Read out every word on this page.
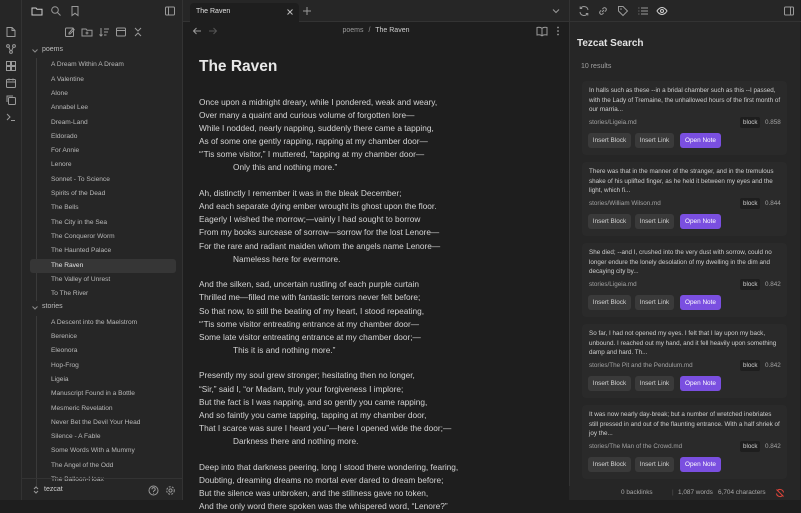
poems
A Dream Within A Dream
A Valentine
Alone
Annabel Lee
Dream-Land
Eldorado
For Annie
Lenore
Sonnet - To Science
Spirits of the Dead
The Bells
The City in the Sea
The Conqueror Worm
The Haunted Palace
The Raven
The Valley of Unrest
To The River
stories
A Descent into the Maelstrom
Berenice
Eleonora
Hop-Frog
Ligeia
Manuscript Found in a Bottle
Mesmeric Revelation
Never Bet the Devil Your Head
Silence - A Fable
Some Words With a Mummy
The Angel of the Odd
The Balloon-Hoax
tezcat
The Raven
poems / The Raven
The Raven
Once upon a midnight dreary, while I pondered, weak and weary,
Over many a quaint and curious volume of forgotten lore—
While I nodded, nearly napping, suddenly there came a tapping,
As of some one gently rapping, rapping at my chamber door—
“’Tis some visitor,” I muttered, “tapping at my chamber door—
Only this and nothing more.”
Ah, distinctly I remember it was in the bleak December;
And each separate dying ember wrought its ghost upon the floor.
Eagerly I wished the morrow;—vainly I had sought to borrow
From my books surcease of sorrow—sorrow for the lost Lenore—
For the rare and radiant maiden whom the angels name Lenore—
Nameless here for evermore.
And the silken, sad, uncertain rustling of each purple curtain
Thrilled me—filled me with fantastic terrors never felt before;
So that now, to still the beating of my heart, I stood repeating,
“’Tis some visitor entreating entrance at my chamber door—
Some late visitor entreating entrance at my chamber door;—
This it is and nothing more.”
Presently my soul grew stronger; hesitating then no longer,
“Sir,” said I, “or Madam, truly your forgiveness I implore;
But the fact is I was napping, and so gently you came rapping,
And so faintly you came tapping, tapping at my chamber door,
That I scarce was sure I heard you”—here I opened wide the door;—
Darkness there and nothing more.
Deep into that darkness peering, long I stood there wondering, fearing,
Doubting, dreaming dreams no mortal ever dared to dream before;
But the silence was unbroken, and the stillness gave no token,
And the only word there spoken was the whispered word, “Lenore?”
Tezcat Search
10 results
In halls such as these --in a bridal chamber such as this --I passed, with the Lady of Tremaine, the unhallowed hours of the first month of our marria...
stories/Ligeia.md	block	0.858
Insert Block	Insert Link	Open Note
There was that in the manner of the stranger, and in the tremulous shake of his uplifted finger, as he held it between my eyes and the light, which fi...
stories/William Wilson.md	block	0.844
Insert Block	Insert Link	Open Note
She died; --and I, crushed into the very dust with sorrow, could no longer endure the lonely desolation of my dwelling in the dim and decaying city by...
stories/Ligeia.md	block	0.842
Insert Block	Insert Link	Open Note
So far, I had not opened my eyes. I felt that I lay upon my back, unbound. I reached out my hand, and it fell heavily upon something damp and hard. Th...
stories/The Pit and the Pendulum.md	block	0.842
Insert Block	Insert Link	Open Note
It was now nearly day-break; but a number of wretched inebriates still pressed in and out of the flaunting entrance. With a half shriek of joy the...
stories/The Man of the Crowd.md	block	0.842
Insert Block	Insert Link	Open Note
0 backlinks	| 1,087 words 6,704 characters
